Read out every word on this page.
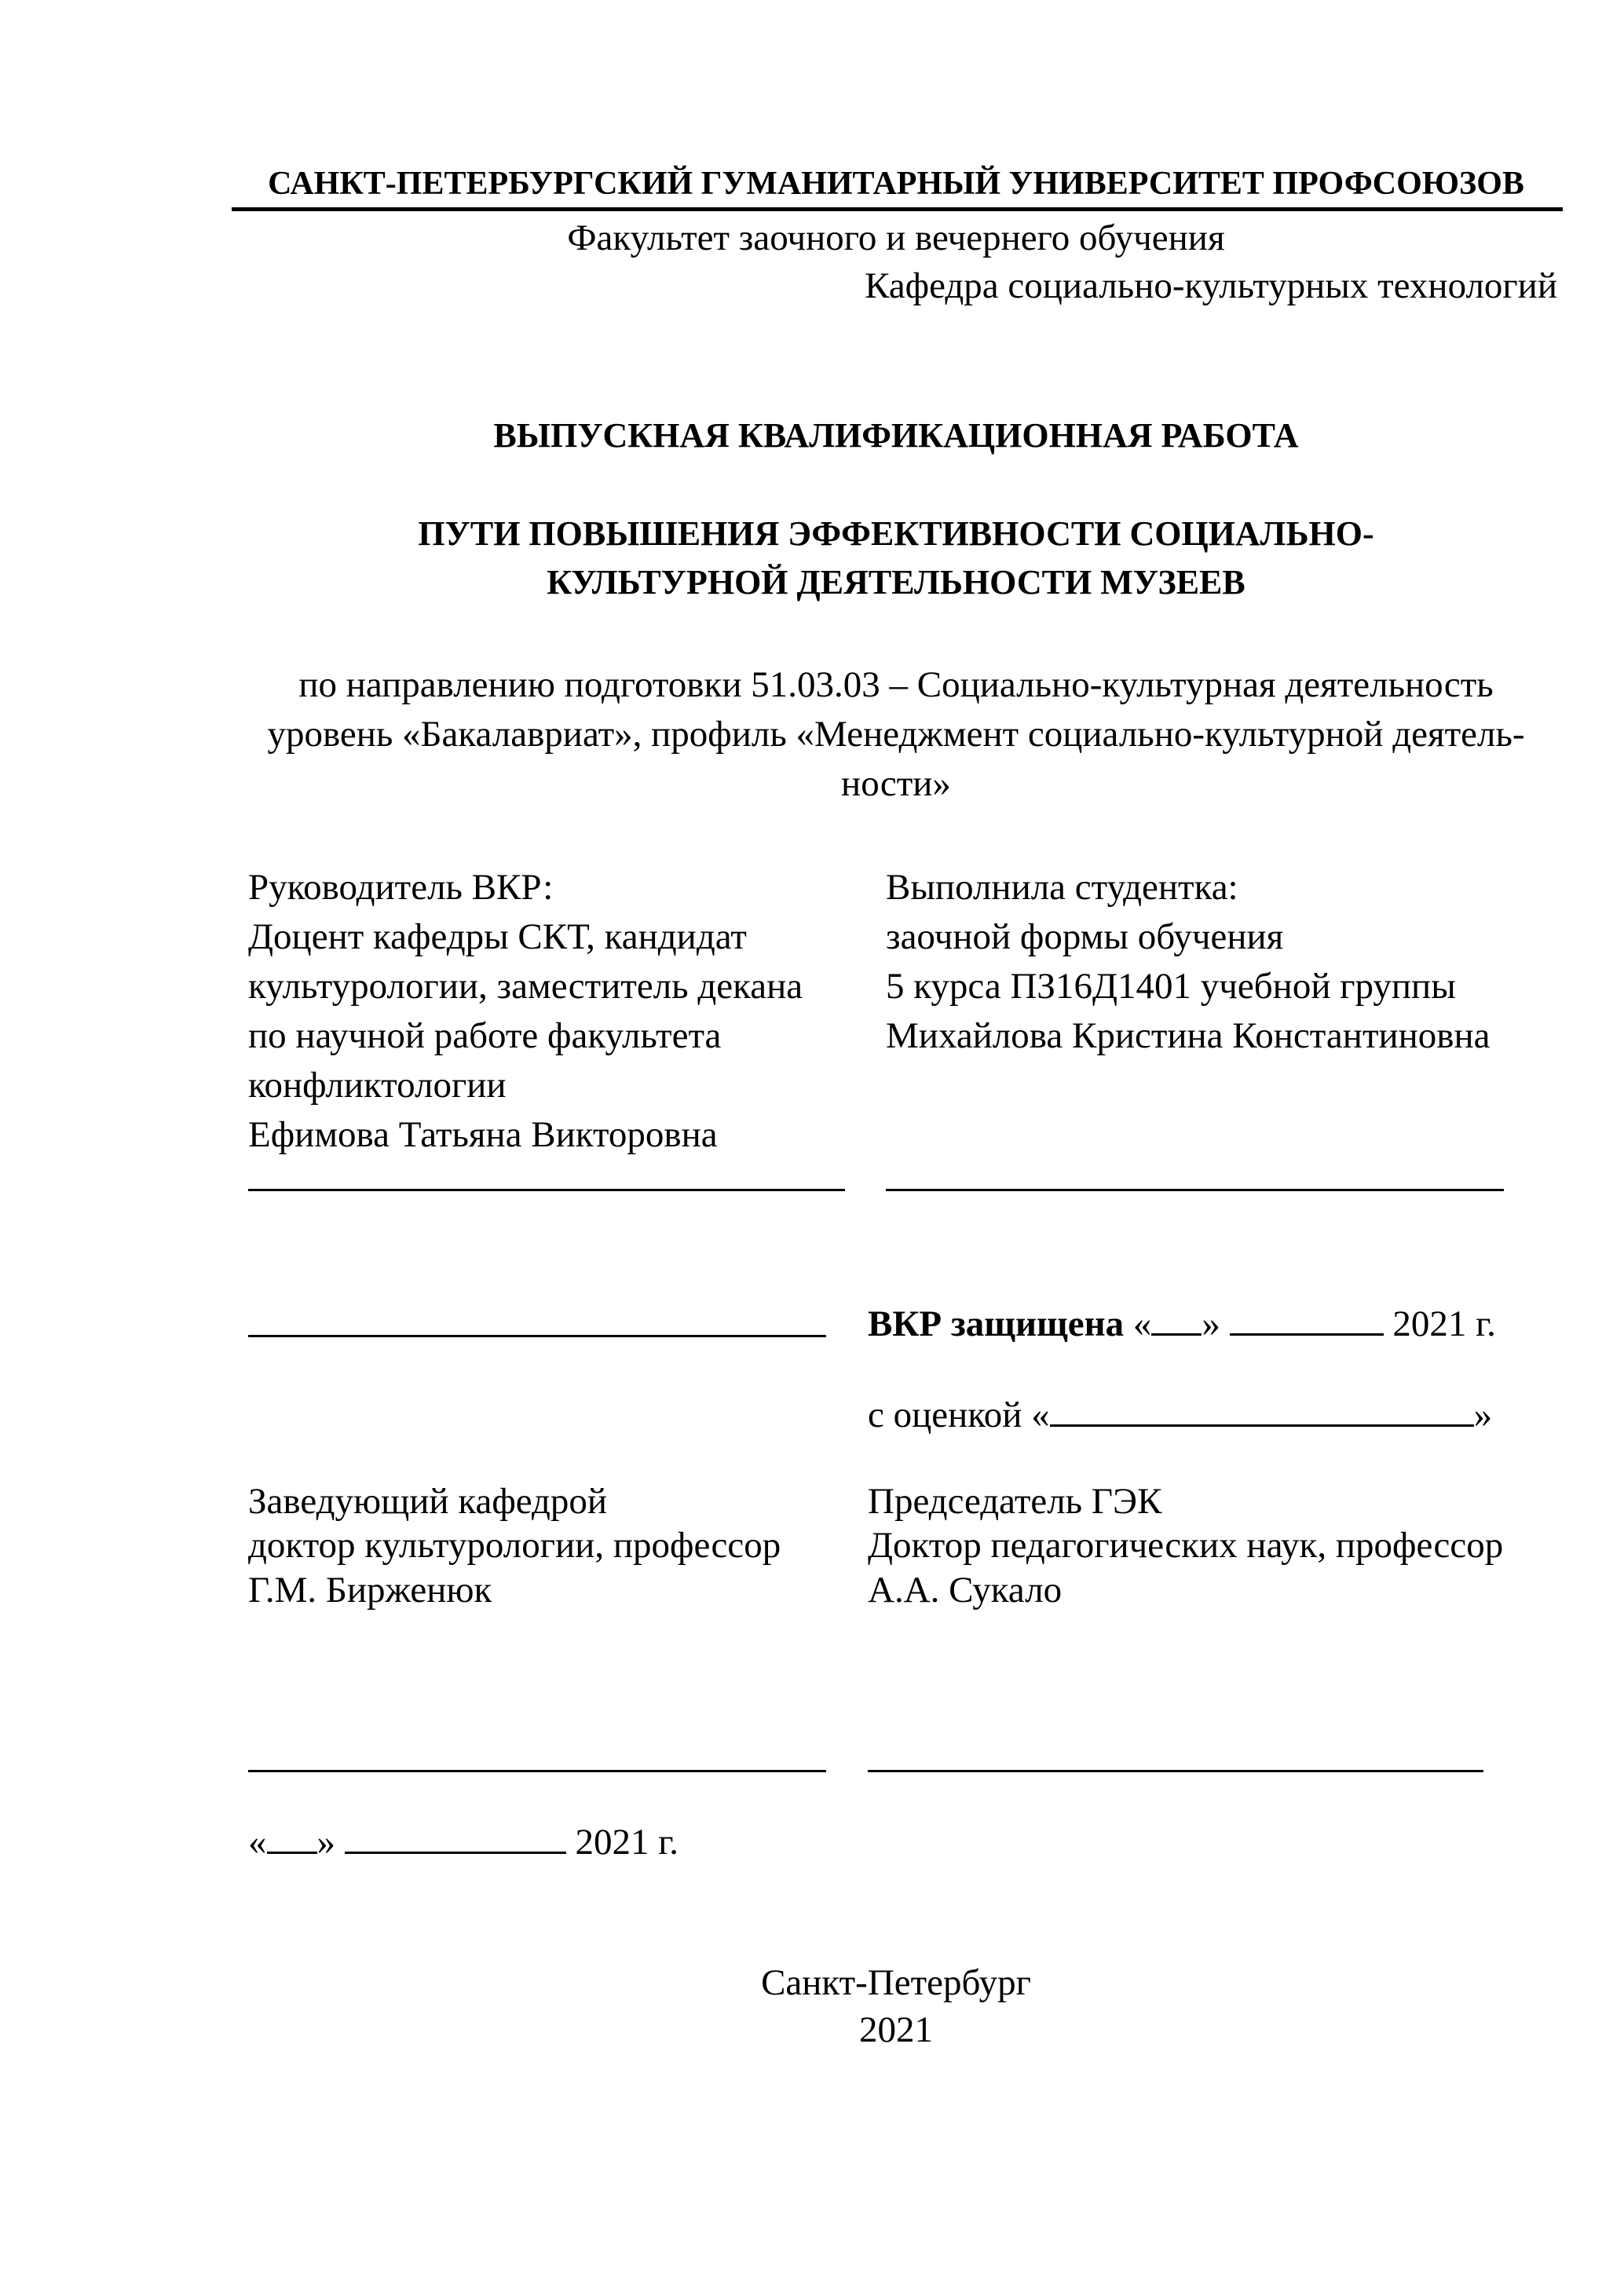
САНКТ-ПЕТЕРБУРГСКИЙ ГУМАНИТАРНЫЙ УНИВЕРСИТЕТ ПРОФСОЮЗОВ
Факультет заочного и вечернего обучения
Кафедра социально-культурных технологий
ВЫПУСКНАЯ КВАЛИФИКАЦИОННАЯ РАБОТА
ПУТИ ПОВЫШЕНИЯ ЭФФЕКТИВНОСТИ СОЦИАЛЬНО-
КУЛЬТУРНОЙ ДЕЯТЕЛЬНОСТИ МУЗЕЕВ
по направлению подготовки 51.03.03 – Социально-культурная деятельность
уровень «Бакалавриат», профиль «Менеджмент социально-культурной деятель-
ности»
Руководитель ВКР:
Доцент кафедры СКТ, кандидат
культурологии, заместитель декана
по научной работе факультета
конфликтологии
Ефимова Татьяна Викторовна
Выполнила студентка:
заочной формы обучения
5 курса ПЗ16Д1401 учебной группы
Михайлова Кристина Константиновна
ВКР защищена « »	2021 г.
с оценкой «	»
Заведующий кафедрой
доктор культурологии, профессор
Г.М. Бирженюк
Председатель ГЭК
Доктор педагогических наук, профессор
А.А. Сукало
« »	2021 г.
Санкт-Петербург
2021
